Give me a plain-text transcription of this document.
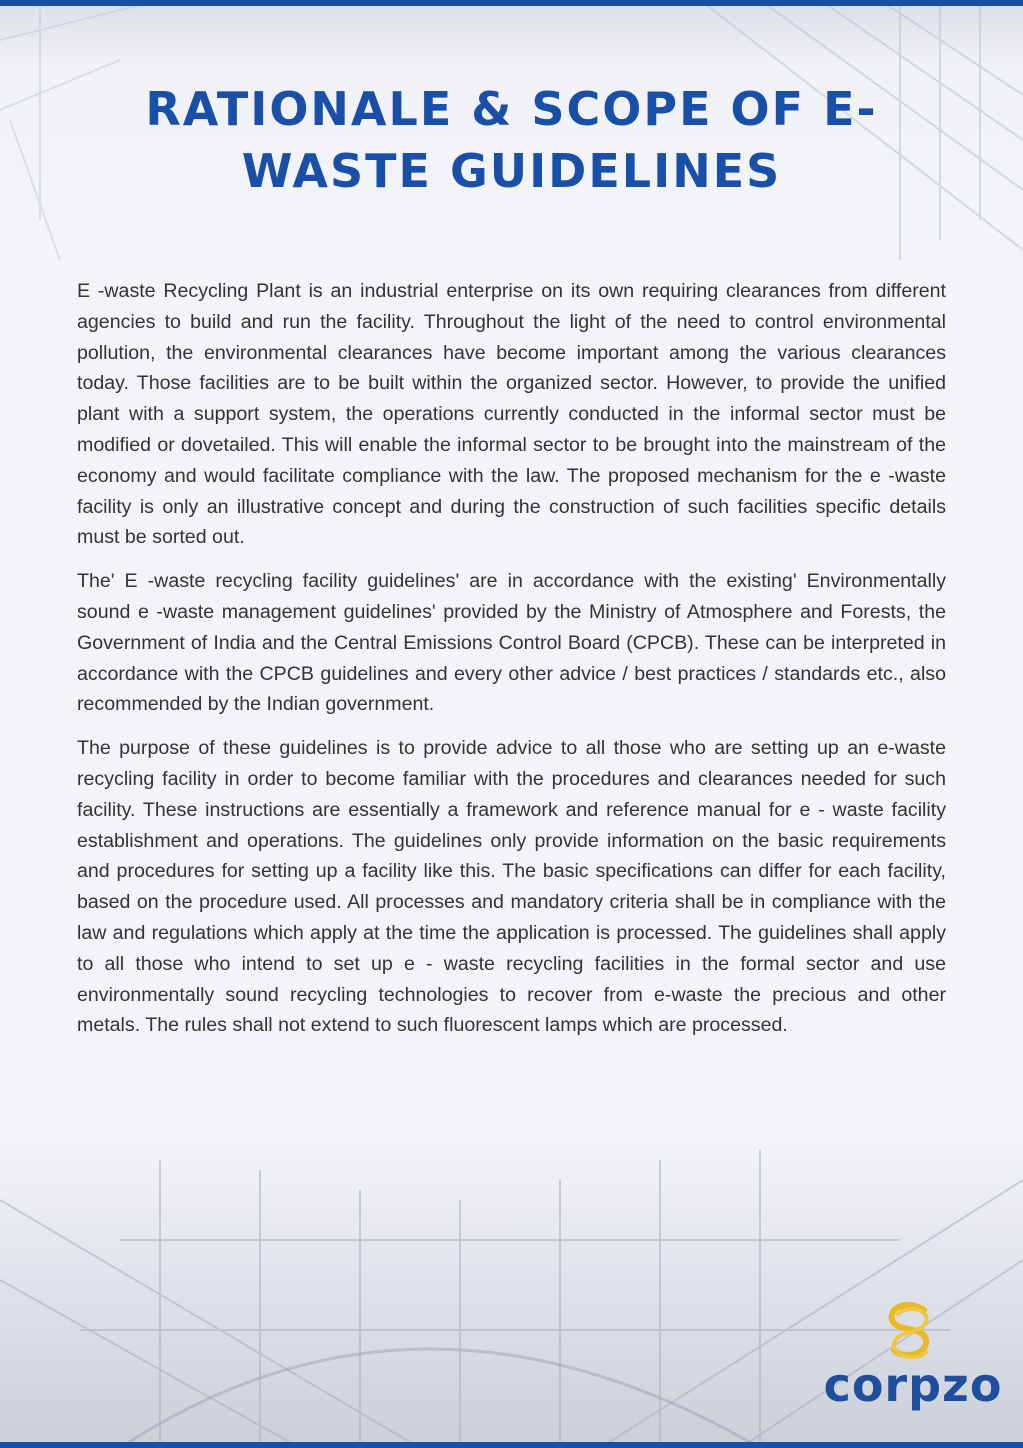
RATIONALE & SCOPE OF E-WASTE GUIDELINES

E -waste Recycling Plant is an industrial enterprise on its own requiring clearances from different agencies to build and run the facility. Throughout the light of the need to control environmental pollution, the environmental clearances have become important among the various clearances today. Those facilities are to be built within the organized sector. However, to provide the unified plant with a support system, the operations currently conducted in the informal sector must be modified or dovetailed. This will enable the informal sector to be brought into the mainstream of the economy and would facilitate compliance with the law. The proposed mechanism for the e -waste facility is only an illustrative concept and during the construction of such facilities specific details must be sorted out.

The' E -waste recycling facility guidelines' are in accordance with the existing' Environmentally sound e -waste management guidelines' provided by the Ministry of Atmosphere and Forests, the Government of India and the Central Emissions Control Board (CPCB). These can be interpreted in accordance with the CPCB guidelines and every other advice / best practices / standards etc., also recommended by the Indian government.

The purpose of these guidelines is to provide advice to all those who are setting up an e-waste recycling facility in order to become familiar with the procedures and clearances needed for such facility. These instructions are essentially a framework and reference manual for e - waste facility establishment and operations. The guidelines only provide information on the basic requirements and procedures for setting up a facility like this. The basic specifications can differ for each facility, based on the procedure used. All processes and mandatory criteria shall be in compliance with the law and regulations which apply at the time the application is processed. The guidelines shall apply to all those who intend to set up e - waste recycling facilities in the formal sector and use environmentally sound recycling technologies to recover from e-waste the precious and other metals. The rules shall not extend to such fluorescent lamps which are processed.

corpzo
